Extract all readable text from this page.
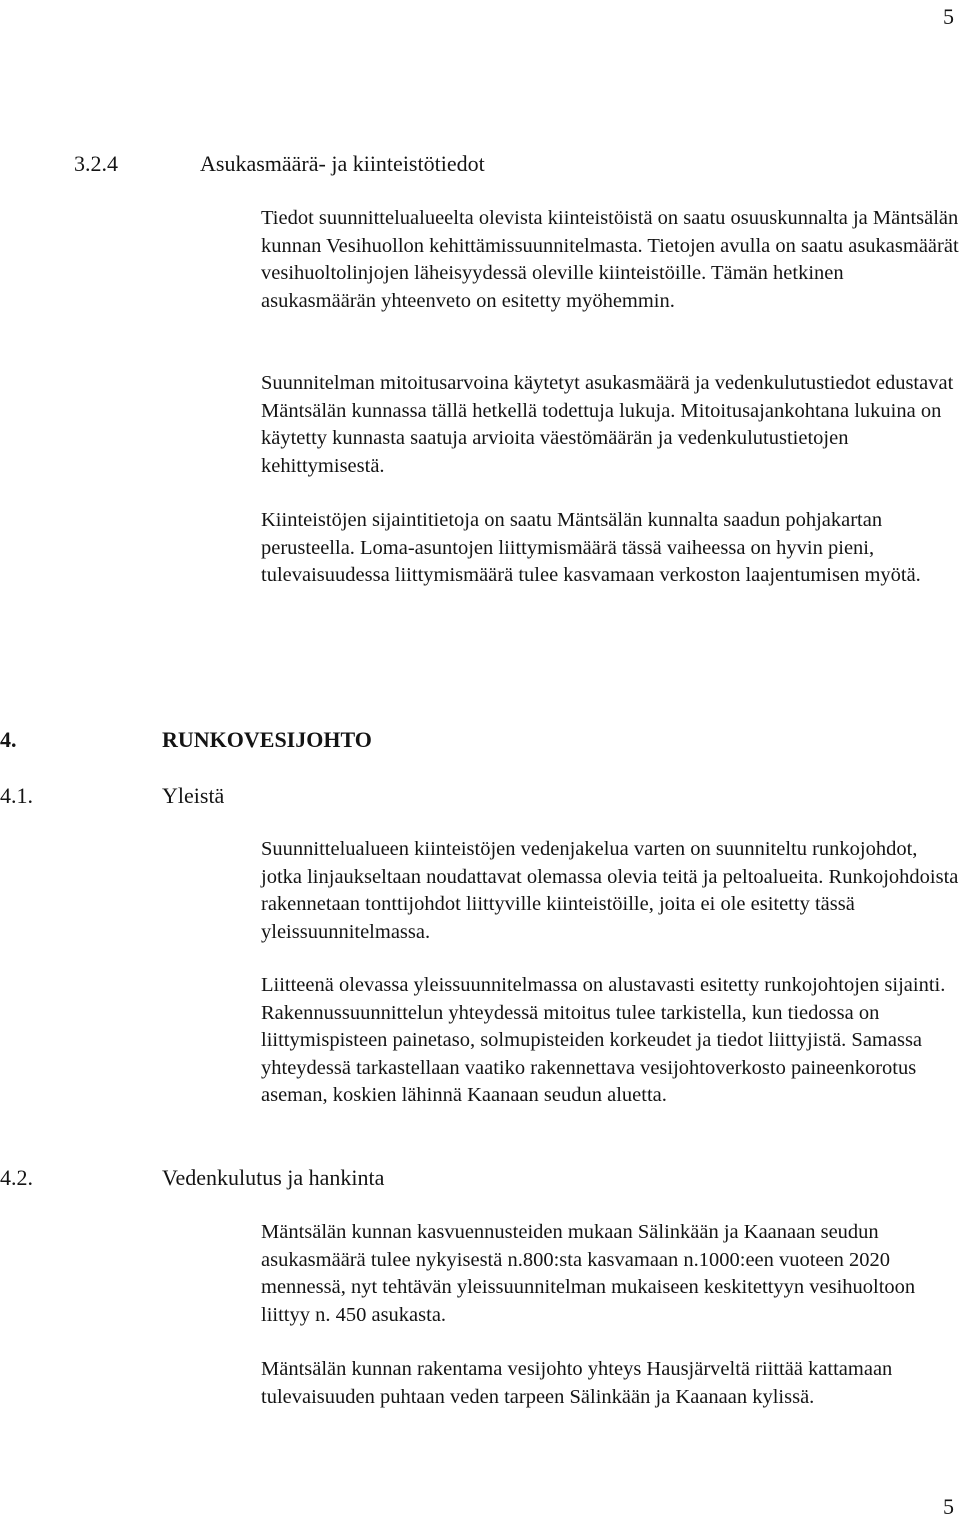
5
3.2.4	Asukasmäärä- ja kiinteistötiedot

Tiedot suunnittelualueelta olevista kiinteistöistä on saatu osuuskunnalta ja Mäntsälän kunnan Vesihuollon kehittämissuunnitelmasta. Tietojen avulla on saatu asukasmäärät vesihuoltolinjojen läheisyydessä oleville kiinteistöille. Tämän hetkinen asukasmäärän yhteenveto on esitetty myöhemmin.

Suunnitelman mitoitusarvoina käytetyt asukasmäärä ja vedenkulutustiedot edustavat Mäntsälän kunnassa tällä hetkellä todettuja lukuja. Mitoitusajankohtana lukuina on käytetty kunnasta saatuja arvioita väestömäärän ja vedenkulutustietojen kehittymisestä.

Kiinteistöjen sijaintitietoja on saatu Mäntsälän kunnalta saadun pohjakartan perusteella. Loma-asuntojen liittymismäärä tässä vaiheessa on hyvin pieni, tulevaisuudessa liittymismäärä tulee kasvamaan verkoston laajentumisen myötä.

4.	RUNKOVESIJOHTO
4.1.	Yleistä

Suunnittelualueen kiinteistöjen vedenjakelua varten on suunniteltu runkojohdot, jotka linjaukseltaan noudattavat olemassa olevia teitä ja peltoalueita. Runkojohdoista rakennetaan tonttijohdot liittyville kiinteistöille, joita ei ole esitetty tässä yleissuunnitelmassa.

Liitteenä olevassa yleissuunnitelmassa on alustavasti esitetty runkojohtojen sijainti. Rakennussuunnittelun yhteydessä mitoitus tulee tarkistella, kun tiedossa on liittymispisteen painetaso, solmupisteiden korkeudet ja tiedot liittyjistä. Samassa yhteydessä tarkastellaan vaatiko rakennettava vesijohtoverkosto paineenkorotus aseman, koskien lähinnä Kaanaan seudun aluetta.

4.2.	Vedenkulutus ja hankinta

Mäntsälän kunnan kasvuennusteiden mukaan Sälinkään ja Kaanaan seudun asukasmäärä tulee nykyisestä n.800:sta kasvamaan n.1000:een vuoteen 2020 mennessä, nyt tehtävän yleissuunnitelman mukaiseen keskitettyyn vesihuoltoon liittyy n. 450 asukasta.

Mäntsälän kunnan rakentama vesijohto yhteys Hausjärveltä riittää kattamaan tulevaisuuden puhtaan veden tarpeen Sälinkään ja Kaanaan kylissä.

5
